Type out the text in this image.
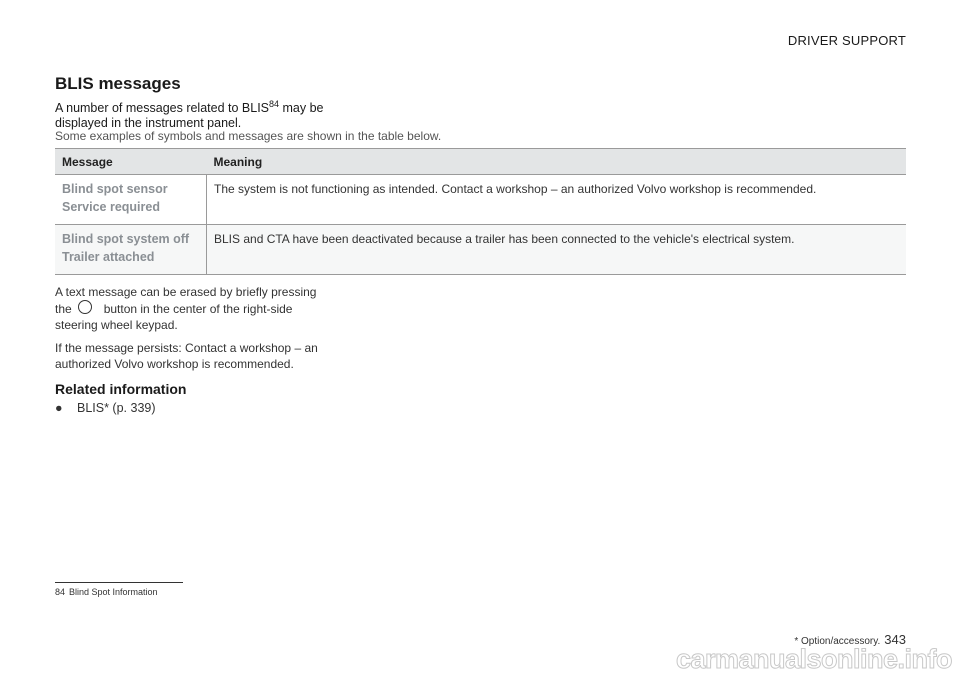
DRIVER SUPPORT
BLIS messages
A number of messages related to BLIS$^{84}$ may be displayed in the instrument panel.
Some examples of symbols and messages are shown in the table below.
Message	Meaning

Blind spot sensor
Service required	The system is not functioning as intended. Contact a workshop – an authorized Volvo workshop is recommended.

Blind spot system off
Trailer attached	BLIS and CTA have been deactivated because a trailer has been connected to the vehicle's electrical system.

A text message can be erased by briefly pressing the	button in the center of the right-side steering wheel keypad.

If the message persists: Contact a workshop – an authorized Volvo workshop is recommended.

Related information
● BLIS* (p. 339)
84 Blind Spot Information
* Option/accessory. 343
carmanualsonline.info
